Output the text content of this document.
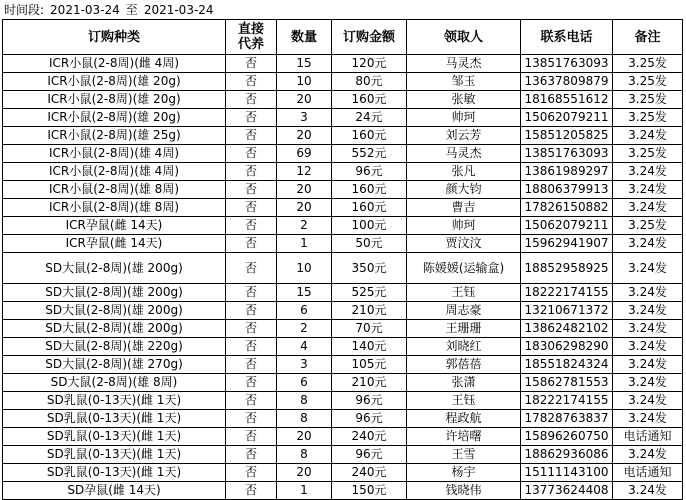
时间段: 2021-03-24 至 2021-03-24
订购种类	直接代养	数量	订购金额	领取人	联系电话	备注
ICR小鼠(2-8周)(雌 4周)	否	15	120元	马灵杰	13851763093	3.25发
ICR小鼠(2-8周)(雄 20g)	否	10	80元	邹玉	13637809879	3.25发
ICR小鼠(2-8周)(雄 20g)	否	20	160元	张敏	18168551612	3.25发
ICR小鼠(2-8周)(雄 20g)	否	3	24元	帅珂	15062079211	3.25发
ICR小鼠(2-8周)(雄 25g)	否	20	160元	刘云芳	15851205825	3.24发
ICR小鼠(2-8周)(雄 4周)	否	69	552元	马灵杰	13851763093	3.25发
ICR小鼠(2-8周)(雄 4周)	否	12	96元	张凡	13861989297	3.24发
ICR小鼠(2-8周)(雄 8周)	否	20	160元	颜大钧	18806379913	3.24发
ICR小鼠(2-8周)(雄 8周)	否	20	160元	曹吉	17826150882	3.24发
ICR孕鼠(雌 14天)	否	2	100元	帅珂	15062079211	3.25发
ICR孕鼠(雌 14天)	否	1	50元	贾汶汶	15962941907	3.24发
SD大鼠(2-8周)(雄 200g)	否	10	350元	陈媛媛(运输盒)	18852958925	3.24发
SD大鼠(2-8周)(雄 200g)	否	15	525元	王钰	18222174155	3.24发
SD大鼠(2-8周)(雄 200g)	否	6	210元	周志豪	13210671372	3.24发
SD大鼠(2-8周)(雄 200g)	否	2	70元	王珊珊	13862482102	3.24发
SD大鼠(2-8周)(雄 220g)	否	4	140元	刘晓红	18306298290	3.24发
SD大鼠(2-8周)(雄 270g)	否	3	105元	郭蓓蓓	18551824324	3.24发
SD大鼠(2-8周)(雄 8周)	否	6	210元	张潇	15862781553	3.24发
SD乳鼠(0-13天)(雌 1天)	否	8	96元	王钰	18222174155	3.24发
SD乳鼠(0-13天)(雌 1天)	否	8	96元	程政航	17828763837	3.24发
SD乳鼠(0-13天)(雌 1天)	否	20	240元	许培曙	15896260750	电话通知
SD乳鼠(0-13天)(雌 1天)	否	8	96元	王雪	18862936086	3.24发
SD乳鼠(0-13天)(雌 1天)	否	20	240元	杨宇	15111143100	电话通知
SD孕鼠(雌 14天)	否	1	150元	钱晓伟	13773624408	3.24发
